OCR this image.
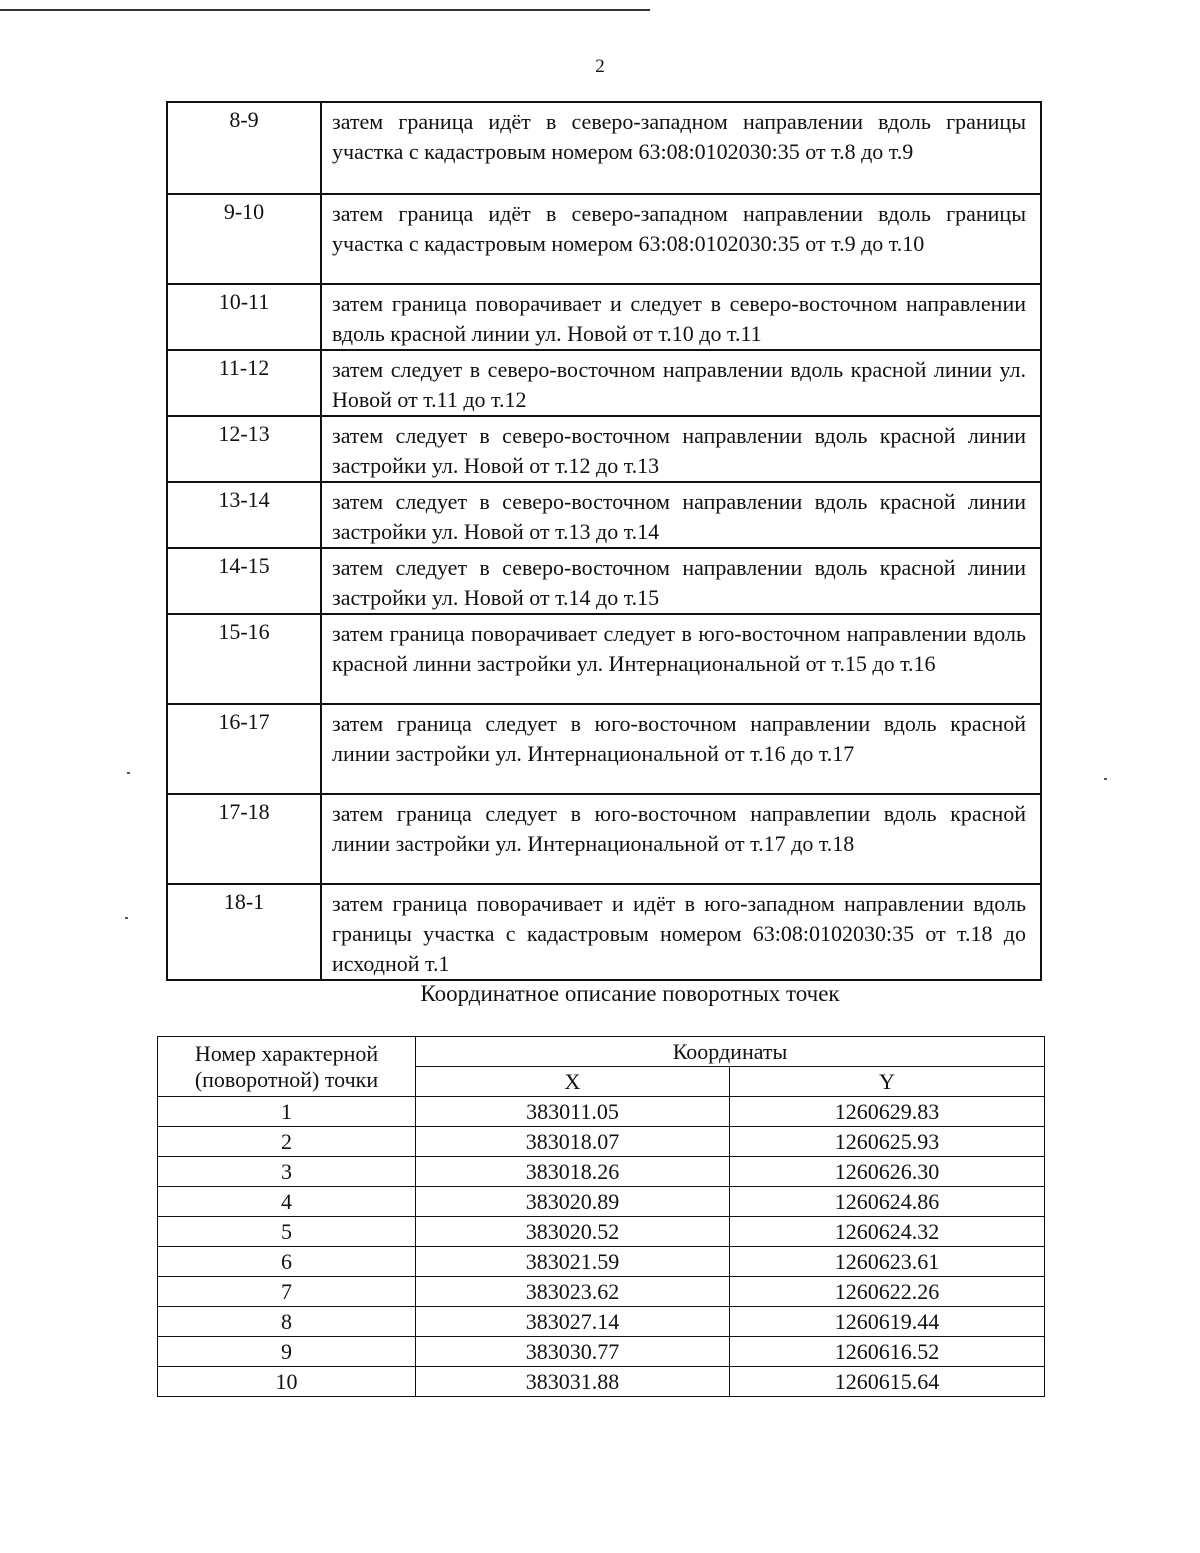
2
8-9	затем граница идёт в северо-западном направлении вдоль границы участка с кадастровым номером 63:08:0102030:35 от т.8 до т.9
9-10	затем граница идёт в северо-западном направлении вдоль границы участка с кадастровым номером 63:08:0102030:35 от т.9 до т.10
10-11	затем граница поворачивает и следует в северо-восточном направлении вдоль красной линии ул. Новой от т.10 до т.11
11-12	затем следует в северо-восточном направлении вдоль красной линии ул. Новой от т.11 до т.12
12-13	затем следует в северо-восточном направлении вдоль красной линии застройки ул. Новой от т.12 до т.13
13-14	затем следует в северо-восточном направлении вдоль красной линии застройки ул. Новой от т.13 до т.14
14-15	затем следует в северо-восточном направлении вдоль красной линии застройки ул. Новой от т.14 до т.15
15-16	затем граница поворачивает следует в юго-восточном направлении вдоль красной линни застройки ул. Интернациональной от т.15 до т.16
16-17	затем граница следует в юго-восточном направлении вдоль красной линии застройки ул. Интернациональной от т.16 до т.17
17-18	затем граница следует в юго-восточном направлепии вдоль красной линии застройки ул. Интернациональной от т.17 до т.18
18-1	затем граница поворачивает и идёт в юго-западном направлении вдоль границы участка с кадастровым номером 63:08:0102030:35 от т.18 до исходной т.1
Координатное описание поворотных точек
Номер характерной
(поворотной) точки	Координаты	
	X	Y
1	383011.05	1260629.83
2	383018.07	1260625.93
3	383018.26	1260626.30
4	383020.89	1260624.86
5	383020.52	1260624.32
6	383021.59	1260623.61
7	383023.62	1260622.26
8	383027.14	1260619.44
9	383030.77	1260616.52
10	383031.88	1260615.64
